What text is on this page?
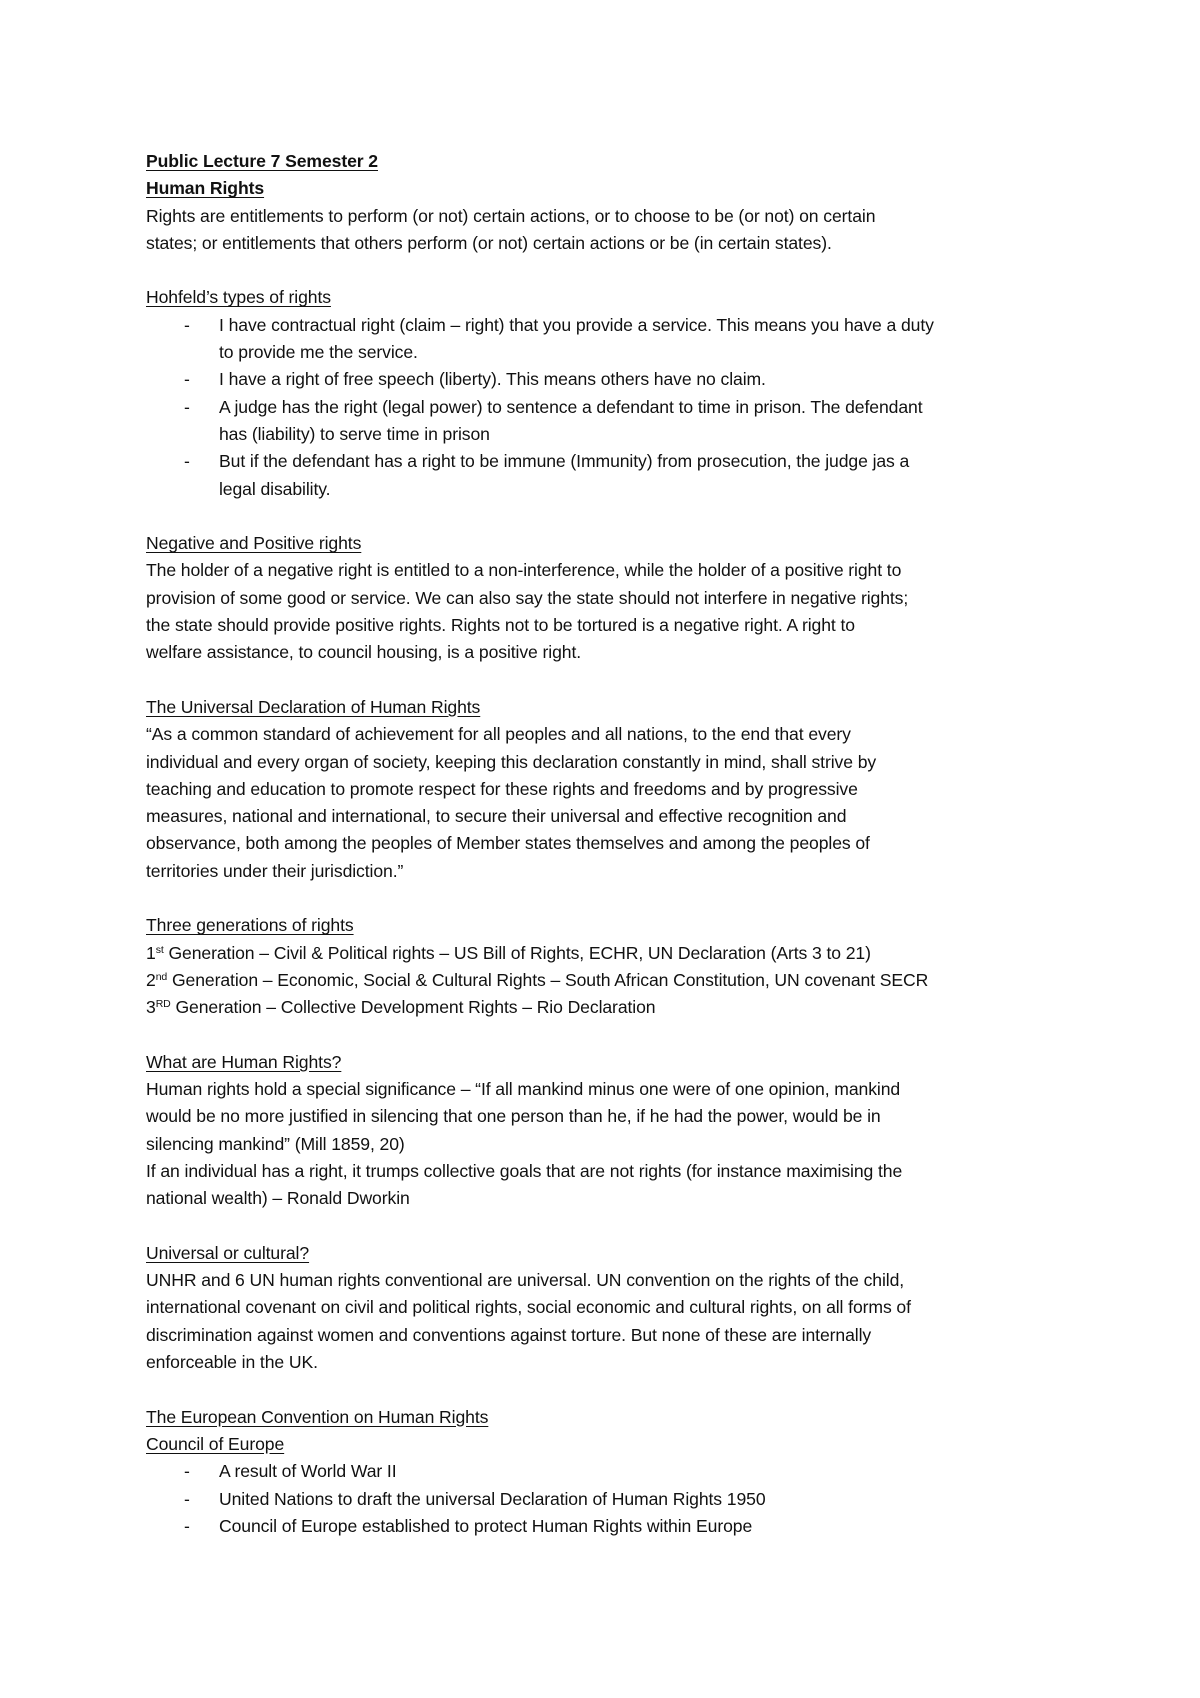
Public Lecture 7 Semester 2
Human Rights
Rights are entitlements to perform (or not) certain actions, or to choose to be (or not) on certain
states; or entitlements that others perform (or not) certain actions or be (in certain states).
Hohfeld’s types of rights
- I have contractual right (claim – right) that you provide a service. This means you have a duty
to provide me the service.
- I have a right of free speech (liberty). This means others have no claim.
- A judge has the right (legal power) to sentence a defendant to time in prison. The defendant
has (liability) to serve time in prison
- But if the defendant has a right to be immune (Immunity) from prosecution, the judge jas a
legal disability.
Negative and Positive rights
The holder of a negative right is entitled to a non-interference, while the holder of a positive right to
provision of some good or service. We can also say the state should not interfere in negative rights;
the state should provide positive rights. Rights not to be tortured is a negative right. A right to
welfare assistance, to council housing, is a positive right.
The Universal Declaration of Human Rights
“As a common standard of achievement for all peoples and all nations, to the end that every
individual and every organ of society, keeping this declaration constantly in mind, shall strive by
teaching and education to promote respect for these rights and freedoms and by progressive
measures, national and international, to secure their universal and effective recognition and
observance, both among the peoples of Member states themselves and among the peoples of
territories under their jurisdiction.”
Three generations of rights
1st Generation – Civil & Political rights – US Bill of Rights, ECHR, UN Declaration (Arts 3 to 21)
2nd Generation – Economic, Social & Cultural Rights – South African Constitution, UN covenant SECR
3RD Generation – Collective Development Rights – Rio Declaration
What are Human Rights?
Human rights hold a special significance – “If all mankind minus one were of one opinion, mankind
would be no more justified in silencing that one person than he, if he had the power, would be in
silencing mankind” (Mill 1859, 20)
If an individual has a right, it trumps collective goals that are not rights (for instance maximising the
national wealth) – Ronald Dworkin
Universal or cultural?
UNHR and 6 UN human rights conventional are universal. UN convention on the rights of the child,
international covenant on civil and political rights, social economic and cultural rights, on all forms of
discrimination against women and conventions against torture. But none of these are internally
enforceable in the UK.
The European Convention on Human Rights
Council of Europe
- A result of World War II
- United Nations to draft the universal Declaration of Human Rights 1950
- Council of Europe established to protect Human Rights within Europe
